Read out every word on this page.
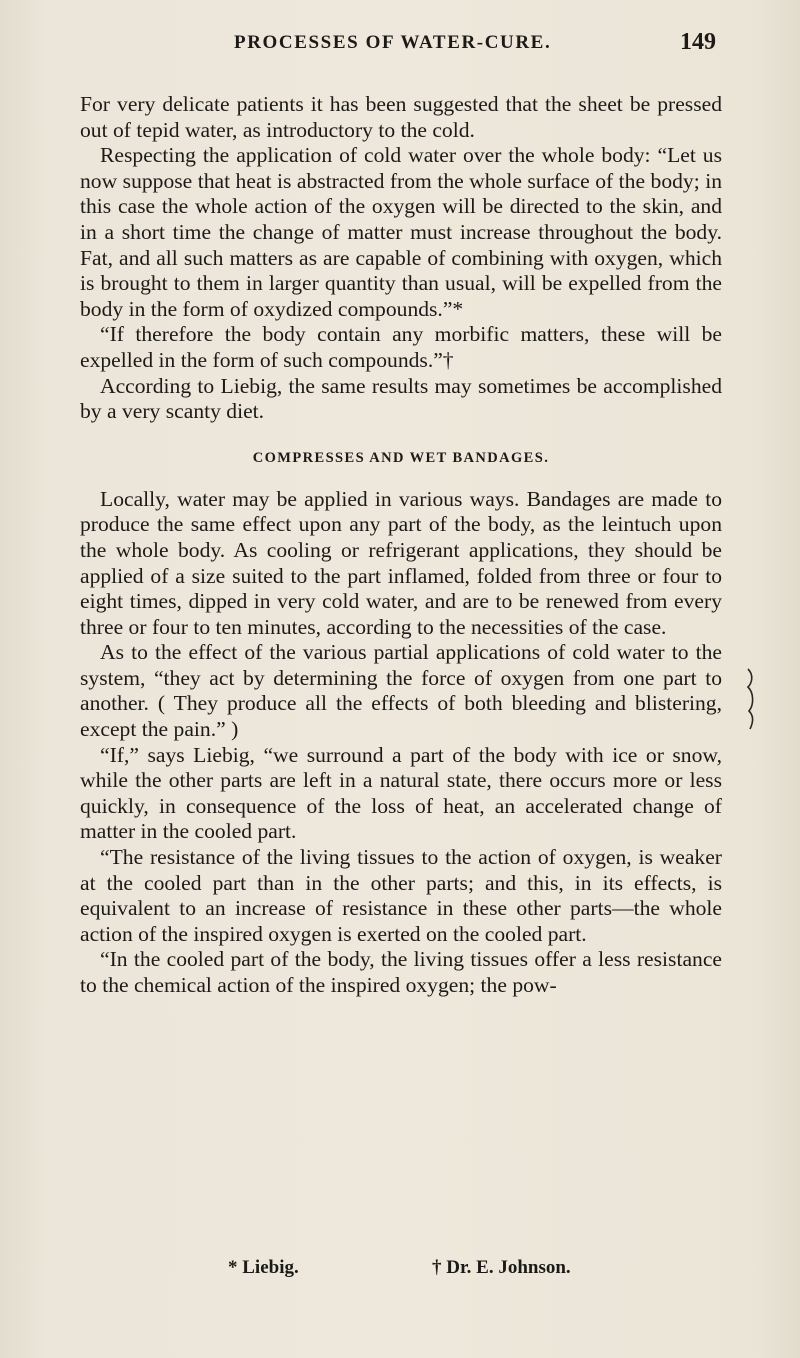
PROCESSES OF WATER-CURE.	149

For very delicate patients it has been suggested that the sheet be pressed out of tepid water, as introductory to the cold.

Respecting the application of cold water over the whole body: “Let us now suppose that heat is abstracted from the whole surface of the body; in this case the whole action of the oxygen will be directed to the skin, and in a short time the change of matter must increase throughout the body. Fat, and all such matters as are capable of combining with oxygen, which is brought to them in larger quantity than usual, will be expelled from the body in the form of oxydized compounds.”*

“If therefore the body contain any morbific matters, these will be expelled in the form of such compounds.”†

According to Liebig, the same results may sometimes be accomplished by a very scanty diet.

COMPRESSES AND WET BANDAGES.

Locally, water may be applied in various ways. Bandages are made to produce the same effect upon any part of the body, as the leintuch upon the whole body. As cooling or refrigerant applications, they should be applied of a size suited to the part inflamed, folded from three or four to eight times, dipped in very cold water, and are to be renewed from every three or four to ten minutes, according to the necessities of the case.

As to the effect of the various partial applications of cold water to the system, “they act by determining the force of oxygen from one part to another. ( They produce all the effects of both bleeding and blistering, except the pain.” )

“If,” says Liebig, “we surround a part of the body with ice or snow, while the other parts are left in a natural state, there occurs more or less quickly, in consequence of the loss of heat, an accelerated change of matter in the cooled part.

“The resistance of the living tissues to the action of oxygen, is weaker at the cooled part than in the other parts; and this, in its effects, is equivalent to an increase of resistance in these other parts—the whole action of the inspired oxygen is exerted on the cooled part.

“In the cooled part of the body, the living tissues offer a less resistance to the chemical action of the inspired oxygen; the pow-

* Liebig.	† Dr. E. Johnson.
